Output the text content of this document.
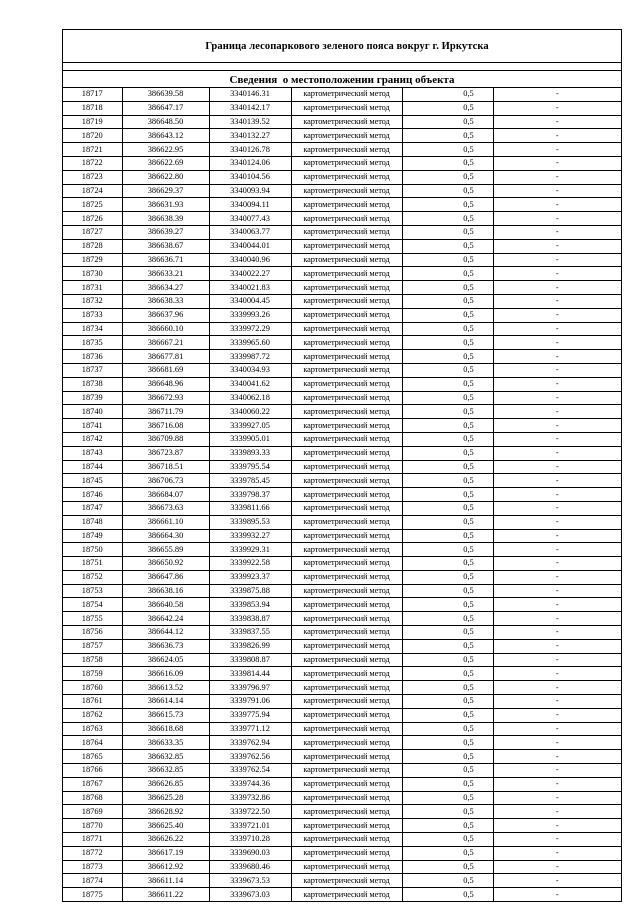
Граница лесопаркового зеленого пояса вокруг г. Иркутска
Сведения  о местоположении границ объекта
18717	386639.58	3340146.31	картометрический метод	0,5	-
18718	386647.17	3340142.17	картометрический метод	0,5	-
18719	386648.50	3340139.52	картометрический метод	0,5	-
18720	386643.12	3340132.27	картометрический метод	0,5	-
18721	386622.95	3340126.78	картометрический метод	0,5	-
18722	386622.69	3340124.06	картометрический метод	0,5	-
18723	386622.80	3340104.56	картометрический метод	0,5	-
18724	386629.37	3340093.94	картометрический метод	0,5	-
18725	386631.93	3340094.11	картометрический метод	0,5	-
18726	386638.39	3340077.43	картометрический метод	0,5	-
18727	386639.27	3340063.77	картометрический метод	0,5	-
18728	386638.67	3340044.01	картометрический метод	0,5	-
18729	386636.71	3340040.96	картометрический метод	0,5	-
18730	386633.21	3340022.27	картометрический метод	0,5	-
18731	386634.27	3340021.83	картометрический метод	0,5	-
18732	386638.33	3340004.45	картометрический метод	0,5	-
18733	386637.96	3339993.26	картометрический метод	0,5	-
18734	386660.10	3339972.29	картометрический метод	0,5	-
18735	386667.21	3339965.60	картометрический метод	0,5	-
18736	386677.81	3339987.72	картометрический метод	0,5	-
18737	386681.69	3340034.93	картометрический метод	0,5	-
18738	386648.96	3340041.62	картометрический метод	0,5	-
18739	386672.93	3340062.18	картометрический метод	0,5	-
18740	386711.79	3340060.22	картометрический метод	0,5	-
18741	386716.08	3339927.05	картометрический метод	0,5	-
18742	386709.88	3339905.01	картометрический метод	0,5	-
18743	386723.87	3339893.33	картометрический метод	0,5	-
18744	386718.51	3339795.54	картометрический метод	0,5	-
18745	386706.73	3339785.45	картометрический метод	0,5	-
18746	386684.07	3339798.37	картометрический метод	0,5	-
18747	386673.63	3339811.66	картометрический метод	0,5	-
18748	386661.10	3339895.53	картометрический метод	0,5	-
18749	386664.30	3339932.27	картометрический метод	0,5	-
18750	386655.89	3339929.31	картометрический метод	0,5	-
18751	386650.92	3339922.58	картометрический метод	0,5	-
18752	386647.86	3339923.37	картометрический метод	0,5	-
18753	386638.16	3339875.88	картометрический метод	0,5	-
18754	386640.58	3339853.94	картометрический метод	0,5	-
18755	386642.24	3339838.87	картометрический метод	0,5	-
18756	386644.12	3339837.55	картометрический метод	0,5	-
18757	386636.73	3339826.99	картометрический метод	0,5	-
18758	386624.05	3339808.87	картометрический метод	0,5	-
18759	386616.09	3339814.44	картометрический метод	0,5	-
18760	386613.52	3339796.97	картометрический метод	0,5	-
18761	386614.14	3339791.06	картометрический метод	0,5	-
18762	386615.73	3339775.94	картометрический метод	0,5	-
18763	386618.68	3339771.12	картометрический метод	0,5	-
18764	386633.35	3339762.94	картометрический метод	0,5	-
18765	386632.85	3339762.56	картометрический метод	0,5	-
18766	386632.85	3339762.54	картометрический метод	0,5	-
18767	386626.85	3339744.36	картометрический метод	0,5	-
18768	386625.28	3339732.86	картометрический метод	0,5	-
18769	386628.92	3339722.50	картометрический метод	0,5	-
18770	386625.40	3339721.01	картометрический метод	0,5	-
18771	386626.22	3339710.28	картометрический метод	0,5	-
18772	386617.19	3339690.03	картометрический метод	0,5	-
18773	386612.92	3339680.46	картометрический метод	0,5	-
18774	386611.14	3339673.53	картометрический метод	0,5	-
18775	386611.22	3339673.03	картометрический метод	0,5	-
